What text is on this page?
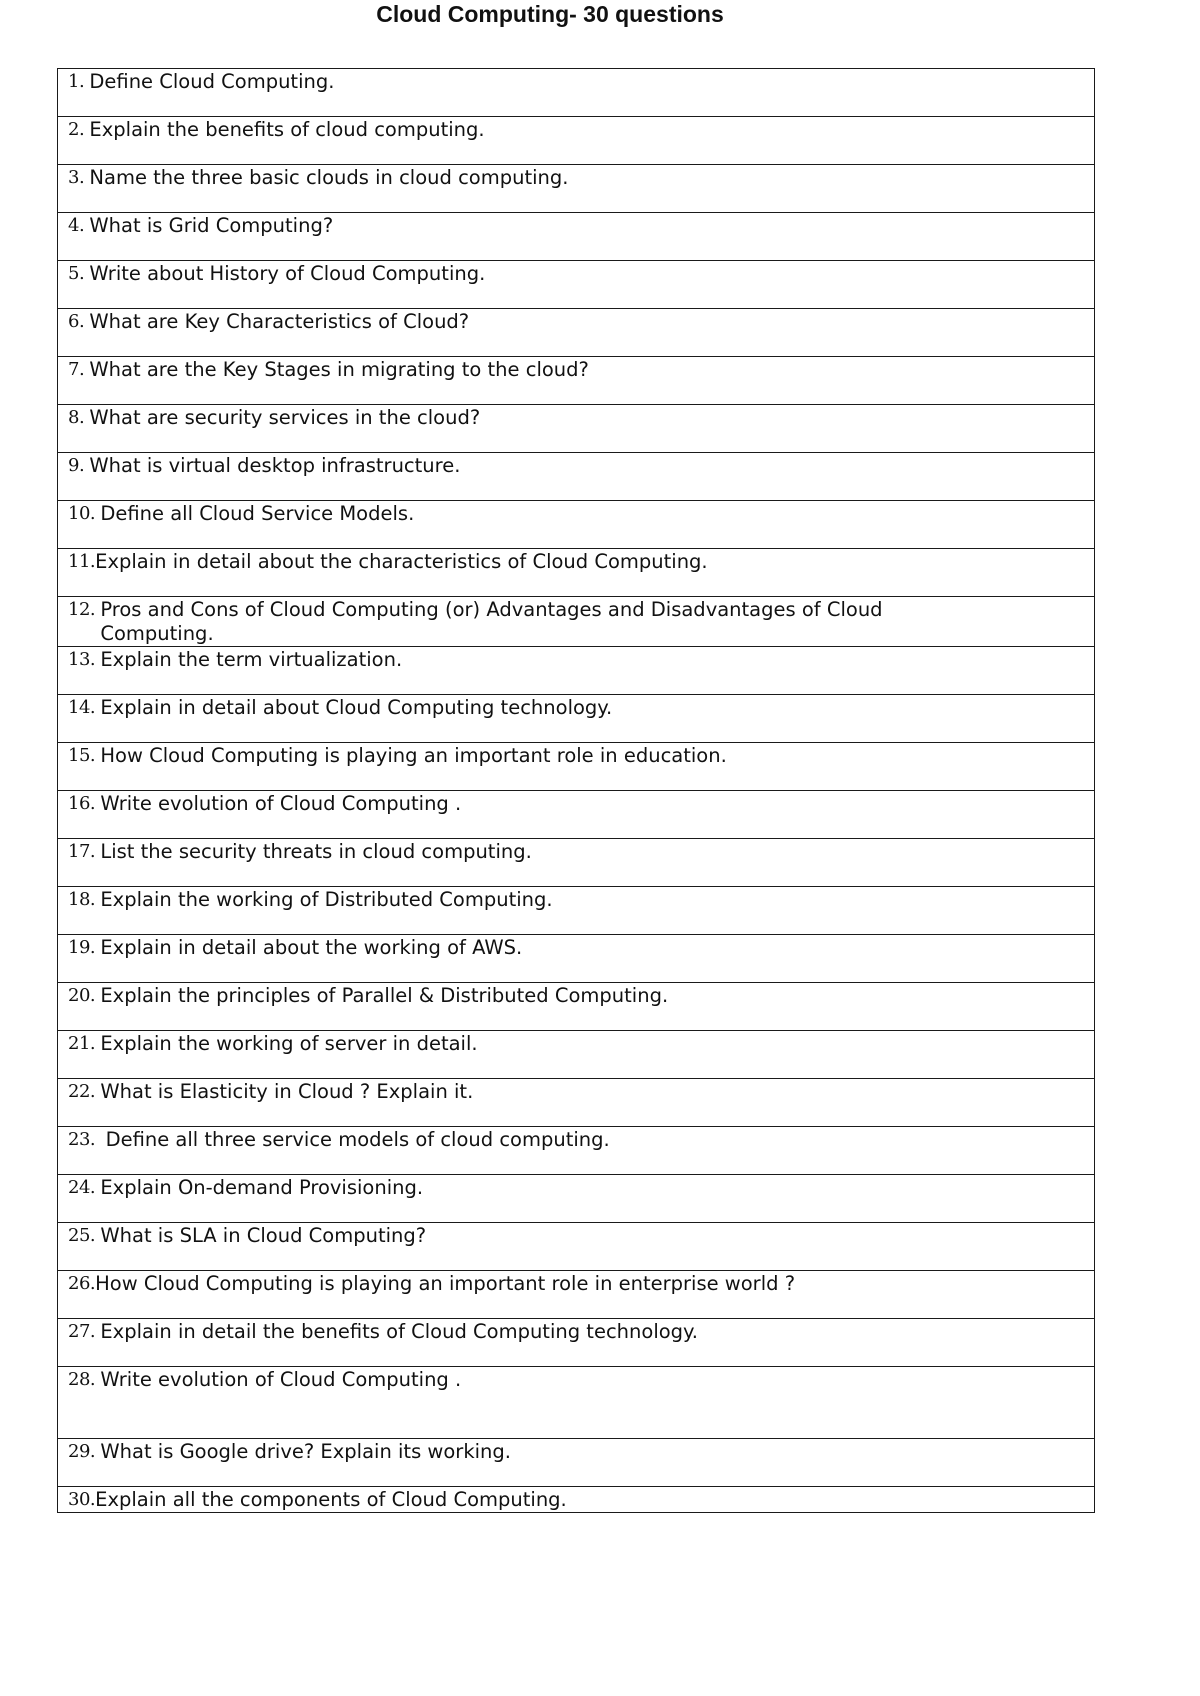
Cloud Computing- 30 questions
1. Define Cloud Computing.

2. Explain the benefits of cloud computing.

3. Name the three basic clouds in cloud computing.

4. What is Grid Computing?

5. Write about History of Cloud Computing.

6. What are Key Characteristics of Cloud?

7. What are the Key Stages in migrating to the cloud?

8. What are security services in the cloud?

9. What is virtual desktop infrastructure.

10. Define all Cloud Service Models.

11. Explain in detail about the characteristics of Cloud Computing.

12. Pros and Cons of Cloud Computing (or) Advantages and Disadvantages of Cloud Computing.

13. Explain the term virtualization.

14. Explain in detail about Cloud Computing technology.

15. How Cloud Computing is playing an important role in education.

16. Write evolution of Cloud Computing .

17. List the security threats in cloud computing.

18. Explain the working of Distributed Computing.

19. Explain in detail about the working of AWS.

20. Explain the principles of Parallel & Distributed Computing.

21. Explain the working of server in detail.

22. What is Elasticity in Cloud ? Explain it.

23. Define all three service models of cloud computing.

24. Explain On-demand Provisioning.

25. What is SLA in Cloud Computing?

26. How Cloud Computing is playing an important role in enterprise world ?

27. Explain in detail the benefits of Cloud Computing technology.

28. Write evolution of Cloud Computing .

29. What is Google drive? Explain its working.

30. Explain all the components of Cloud Computing.
